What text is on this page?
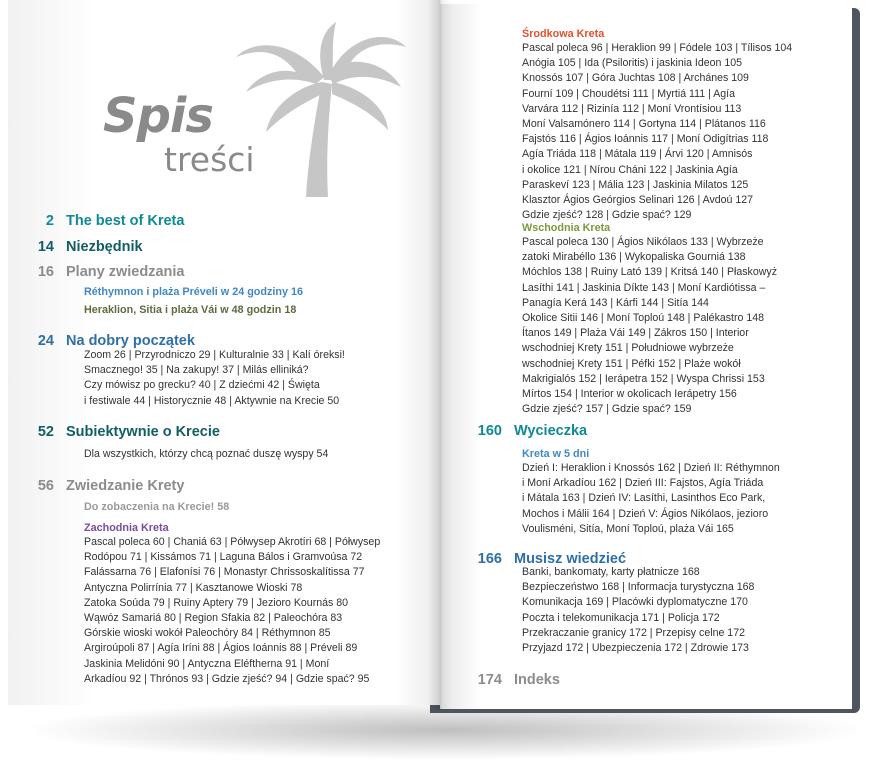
Spis
treści
2 The best of Kreta
14 Niezbędnik
16 Plany zwiedzania
Réthymnon i plaża Préveli w 24 godziny 16
Heraklion, Sitia i plaża Vái w 48 godzin 18
24 Na dobry początek
Zoom 26 | Przyrodniczo 29 | Kulturalnie 33 | Kalí óreksi!
Smacznego! 35 | Na zakupy! 37 | Milás elliniká?
Czy mówisz po grecku? 40 | Z dziećmi 42 | Święta
i festiwale 44 | Historycznie 48 | Aktywnie na Krecie 50
52 Subiektywnie o Krecie
Dla wszystkich, którzy chcą poznać duszę wyspy 54
56 Zwiedzanie Krety
Do zobaczenia na Krecie! 58
Zachodnia Kreta
Pascal poleca 60 | Chaniá 63 | Półwysep Akrotíri 68 | Półwysep
Rodópou 71 | Kissámos 71 | Laguna Bálos i Gramvoúsa 72
Falássarna 76 | Elafonísi 76 | Monastyr Chrissoskalítissa 77
Antyczna Polirrínia 77 | Kasztanowe Wioski 78
Zatoka Soúda 79 | Ruiny Aptery 79 | Jezioro Kournás 80
Wąwóz Samariá 80 | Region Sfakia 82 | Paleochóra 83
Górskie wioski wokół Paleochóry 84 | Réthymnon 85
Argiroúpoli 87 | Agía Iríni 88 | Ágios Ioánnis 88 | Préveli 89
Jaskinia Melidóni 90 | Antyczna Eléftherna 91 | Moní
Arkadíou 92 | Thrónos 93 | Gdzie zjeść? 94 | Gdzie spać? 95
Środkowa Kreta
Pascal poleca 96 | Heraklion 99 | Fódele 103 | Tílisos 104
Anógia 105 | Ida (Psiloritis) i jaskinia Ideon 105
Knossós 107 | Góra Juchtas 108 | Archánes 109
Fourní 109 | Choudétsi 111 | Myrtiá 111 | Agía
Varvára 112 | Rizinía 112 | Moní Vrontísiou 113
Moní Valsamónero 114 | Gortyna 114 | Plátanos 116
Fajstós 116 | Ágios Ioánnis 117 | Moní Odigítrias 118
Agía Triáda 118 | Mátala 119 | Árvi 120 | Amnisós
i okolice 121 | Nírou Cháni 122 | Jaskinia Agía
Paraskeví 123 | Mália 123 | Jaskinia Milatos 125
Klasztor Ágios Geórgios Selinari 126 | Avdoú 127
Gdzie zjeść? 128 | Gdzie spać? 129
Wschodnia Kreta
Pascal poleca 130 | Ágios Nikólaos 133 | Wybrzeże
zatoki Mirabéllo 136 | Wykopaliska Gourniá 138
Móchlos 138 | Ruiny Lató 139 | Kritsá 140 | Płaskowyż
Lasíthi 141 | Jaskinia Díkte 143 | Moní Kardiótissa –
Panagía Kerá 143 | Kárfi 144 | Sitía 144
Okolice Sitii 146 | Moní Toploú 148 | Palékastro 148
Ítanos 149 | Plaża Vái 149 | Zákros 150 | Interior
wschodniej Krety 151 | Południowe wybrzeże
wschodniej Krety 151 | Péfki 152 | Plaże wokół
Makrigialós 152 | Ierápetra 152 | Wyspa Chrissi 153
Mírtos 154 | Interior w okolicach Ierápetry 156
Gdzie zjeść? 157 | Gdzie spać? 159
160 Wycieczka
Kreta w 5 dni
Dzień I: Heraklion i Knossós 162 | Dzień II: Réthymnon
i Moní Arkadíou 162 | Dzień III: Fajstos, Agía Triáda
i Mátala 163 | Dzień IV: Lasíthi, Lasinthos Eco Park,
Mochos i Málii 164 | Dzień V: Ágios Nikólaos, jezioro
Voulisméni, Sitía, Moní Toploú, plaża Vái 165
166 Musisz wiedzieć
Banki, bankomaty, karty płatnicze 168
Bezpieczeństwo 168 | Informacja turystyczna 168
Komunikacja 169 | Placówki dyplomatyczne 170
Poczta i telekomunikacja 171 | Policja 172
Przekraczanie granicy 172 | Przepisy celne 172
Przyjazd 172 | Ubezpieczenia 172 | Zdrowie 173
174 Indeks
